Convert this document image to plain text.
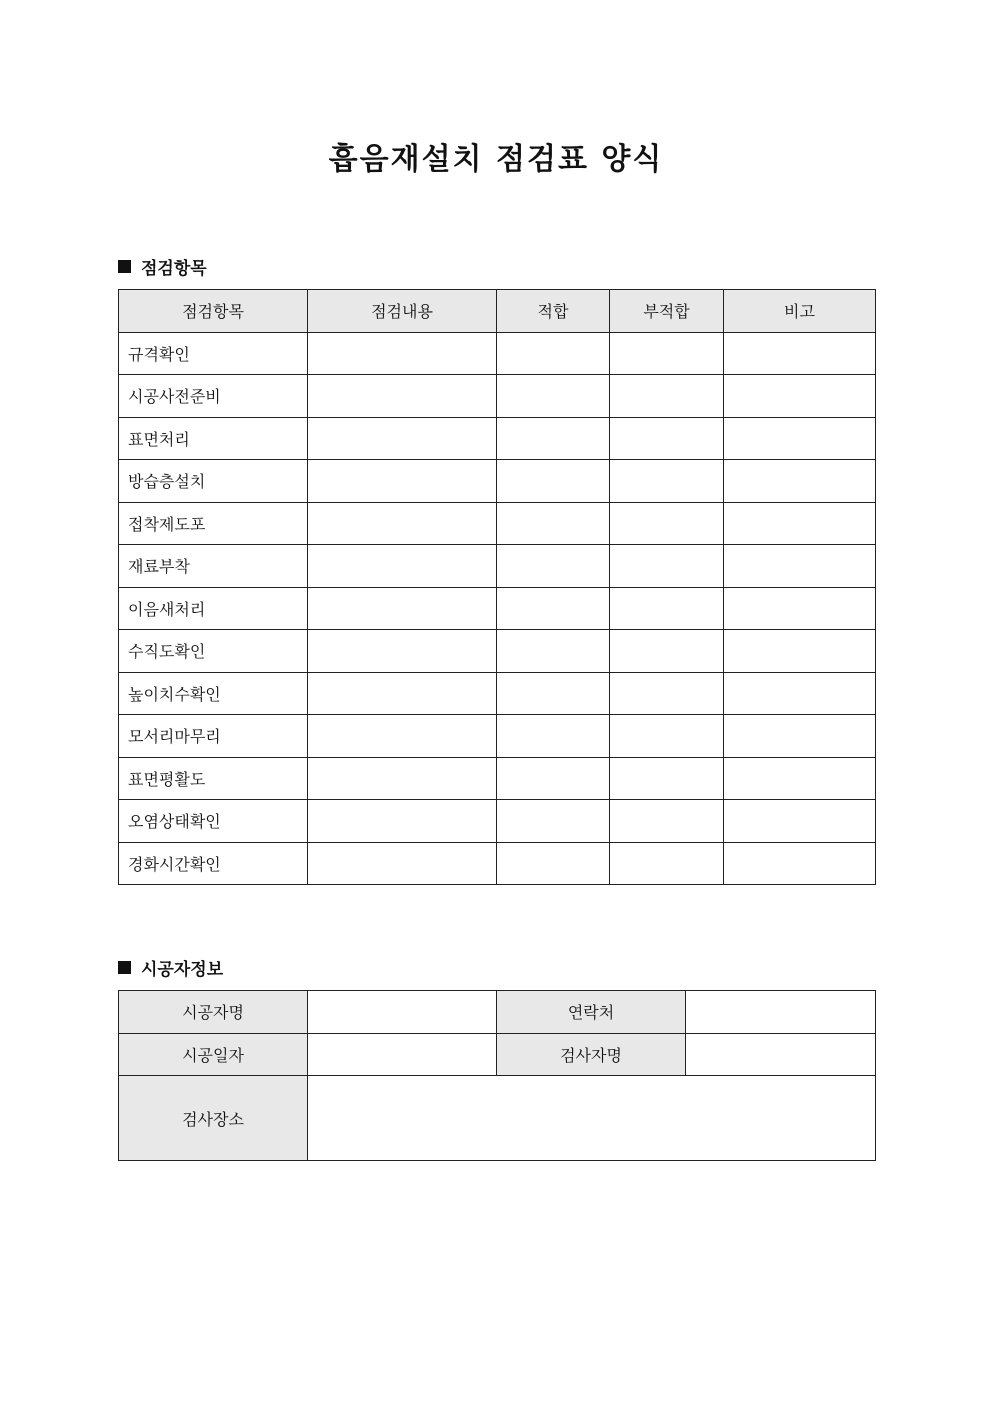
흡음재설치 점검표 양식
점검항목
점검항목	점검내용	적합	부적합	비고
규격확인				
시공사전준비				
표면처리				
방습층설치				
접착제도포				
재료부착				
이음새처리				
수직도확인				
높이치수확인				
모서리마무리				
표면평활도				
오염상태확인				
경화시간확인				
시공자정보
시공자명		연락처	
시공일자		검사자명	
검사장소			
